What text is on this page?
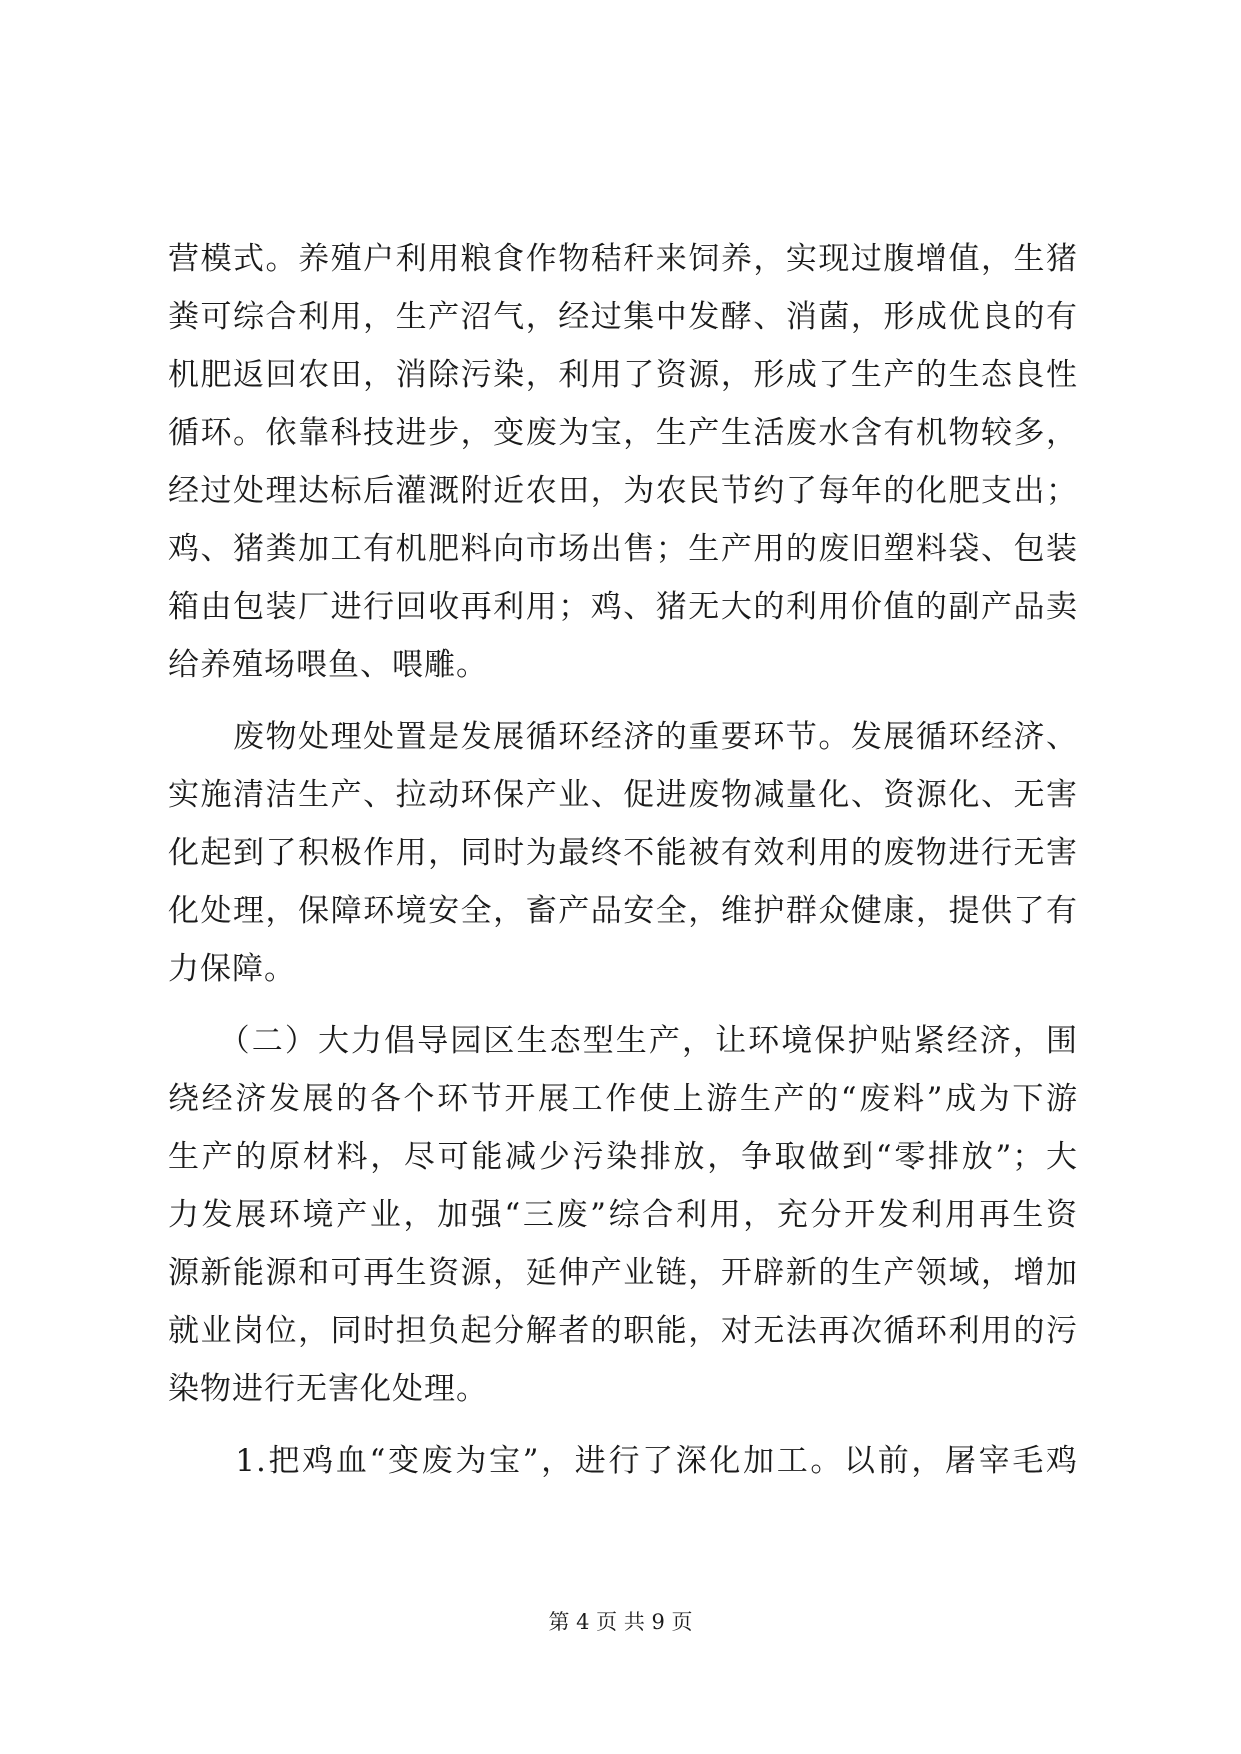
营模式。养殖户利用粮食作物秸秆来饲养，实现过腹增值，生猪
粪可综合利用，生产沼气，经过集中发酵、消菌，形成优良的有
机肥返回农田，消除污染，利用了资源，形成了生产的生态良性
循环。依靠科技进步，变废为宝，生产生活废水含有机物较多，
经过处理达标后灌溉附近农田，为农民节约了每年的化肥支出；
鸡、猪粪加工有机肥料向市场出售；生产用的废旧塑料袋、包装
箱由包装厂进行回收再利用；鸡、猪无大的利用价值的副产品卖
给养殖场喂鱼、喂雕。
　　废物处理处置是发展循环经济的重要环节。发展循环经济、
实施清洁生产、拉动环保产业、促进废物减量化、资源化、无害
化起到了积极作用，同时为最终不能被有效利用的废物进行无害
化处理，保障环境安全，畜产品安全，维护群众健康，提供了有
力保障。
　　（二）大力倡导园区生态型生产，让环境保护贴紧经济，围
绕经济发展的各个环节开展工作使上游生产的“废料”成为下游
生产的原材料，尽可能减少污染排放，争取做到“零排放”；大
力发展环境产业，加强“三废”综合利用，充分开发利用再生资
源新能源和可再生资源，延伸产业链，开辟新的生产领域，增加
就业岗位，同时担负起分解者的职能，对无法再次循环利用的污
染物进行无害化处理。
　　1.把鸡血“变废为宝”，进行了深化加工。以前，屠宰毛鸡
第 4 页 共 9 页
